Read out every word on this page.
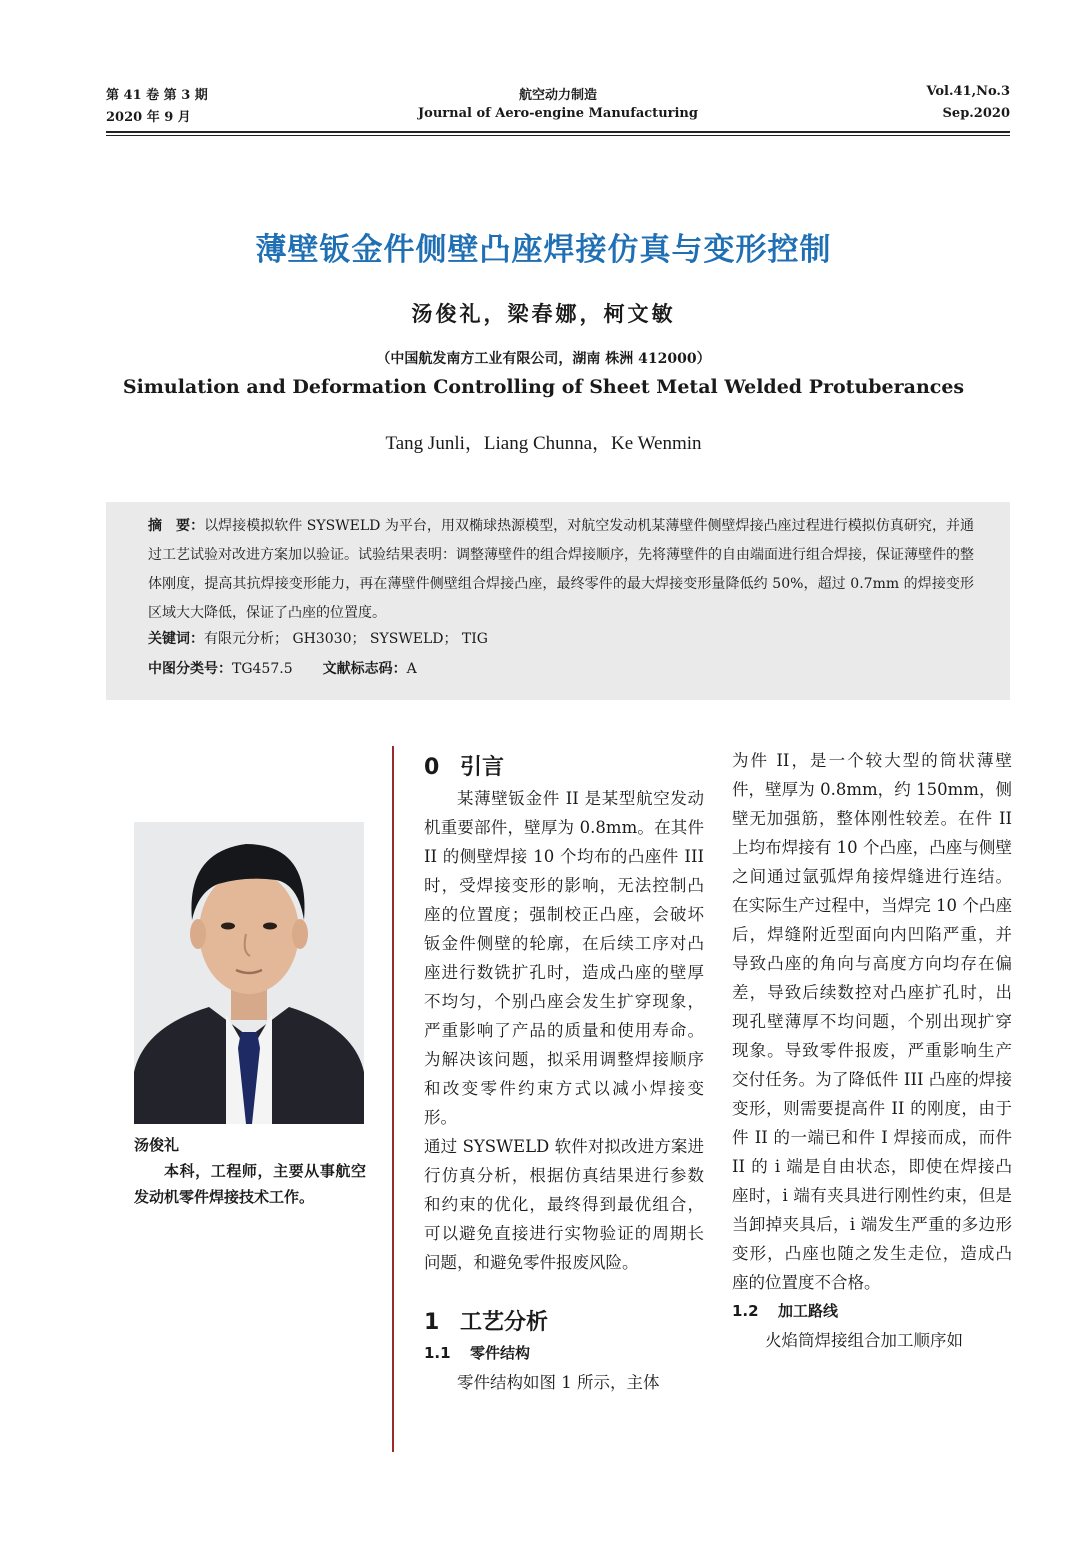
第 41 卷 第 3 期
2020 年 9 月
航空动力制造
Journal of Aero-engine Manufacturing
Vol.41,No.3
Sep.2020
薄壁钣金件侧壁凸座焊接仿真与变形控制
汤俊礼，梁春娜，柯文敏
（中国航发南方工业有限公司，湖南 株洲 412000）
Simulation and Deformation Controlling of Sheet Metal Welded Protuberances
Tang Junli，Liang Chunna，Ke Wenmin
摘　要：以焊接模拟软件 SYSWELD 为平台，用双椭球热源模型，对航空发动机某薄壁件侧壁焊接凸座过程进行模拟仿真研究，并通过工艺试验对改进方案加以验证。试验结果表明：调整薄壁件的组合焊接顺序，先将薄壁件的自由端面进行组合焊接，保证薄壁件的整体刚度，提高其抗焊接变形能力，再在薄壁件侧壁组合焊接凸座，最终零件的最大焊接变形量降低约 50%，超过 0.7mm 的焊接变形区域大大降低，保证了凸座的位置度。
关键词：有限元分析； GH3030； SYSWELD； TIG
中图分类号：TG457.5 文献标志码：A
汤俊礼
本科，工程师，主要从事航空发动机零件焊接技术工作。
0 引言

某薄壁钣金件 II 是某型航空发动机重要部件，壁厚为 0.8mm。在其件 II 的侧壁焊接 10 个均布的凸座件 III 时，受焊接变形的影响，无法控制凸座的位置度；强制校正凸座，会破坏钣金件侧壁的轮廓，在后续工序对凸座进行数铣扩孔时，造成凸座的壁厚不均匀，个别凸座会发生扩穿现象，严重影响了产品的质量和使用寿命。为解决该问题，拟采用调整焊接顺序和改变零件约束方式以减小焊接变形。

通过 SYSWELD 软件对拟改进方案进行仿真分析，根据仿真结果进行参数和约束的优化，最终得到最优组合，可以避免直接进行实物验证的周期长问题，和避免零件报废风险。

1 工艺分析
1.1 零件结构

零件结构如图 1 所示，主体

为件 II，是一个较大型的筒状薄壁件，壁厚为 0.8mm，约 150mm，侧壁无加强筋，整体刚性较差。在件 II 上均布焊接有 10 个凸座，凸座与侧壁之间通过氩弧焊角接焊缝进行连结。在实际生产过程中，当焊完 10 个凸座后，焊缝附近型面向内凹陷严重，并导致凸座的角向与高度方向均存在偏差，导致后续数控对凸座扩孔时，出现孔壁薄厚不均问题，个别出现扩穿现象。导致零件报废，严重影响生产交付任务。为了降低件 III 凸座的焊接变形，则需要提高件 II 的刚度，由于件 II 的一端已和件 I 焊接而成，而件 II 的 i 端是自由状态，即使在焊接凸座时，i 端有夹具进行刚性约束，但是当卸掉夹具后，i 端发生严重的多边形变形，凸座也随之发生走位，造成凸座的位置度不合格。

1.2 加工路线

火焰筒焊接组合加工顺序如
